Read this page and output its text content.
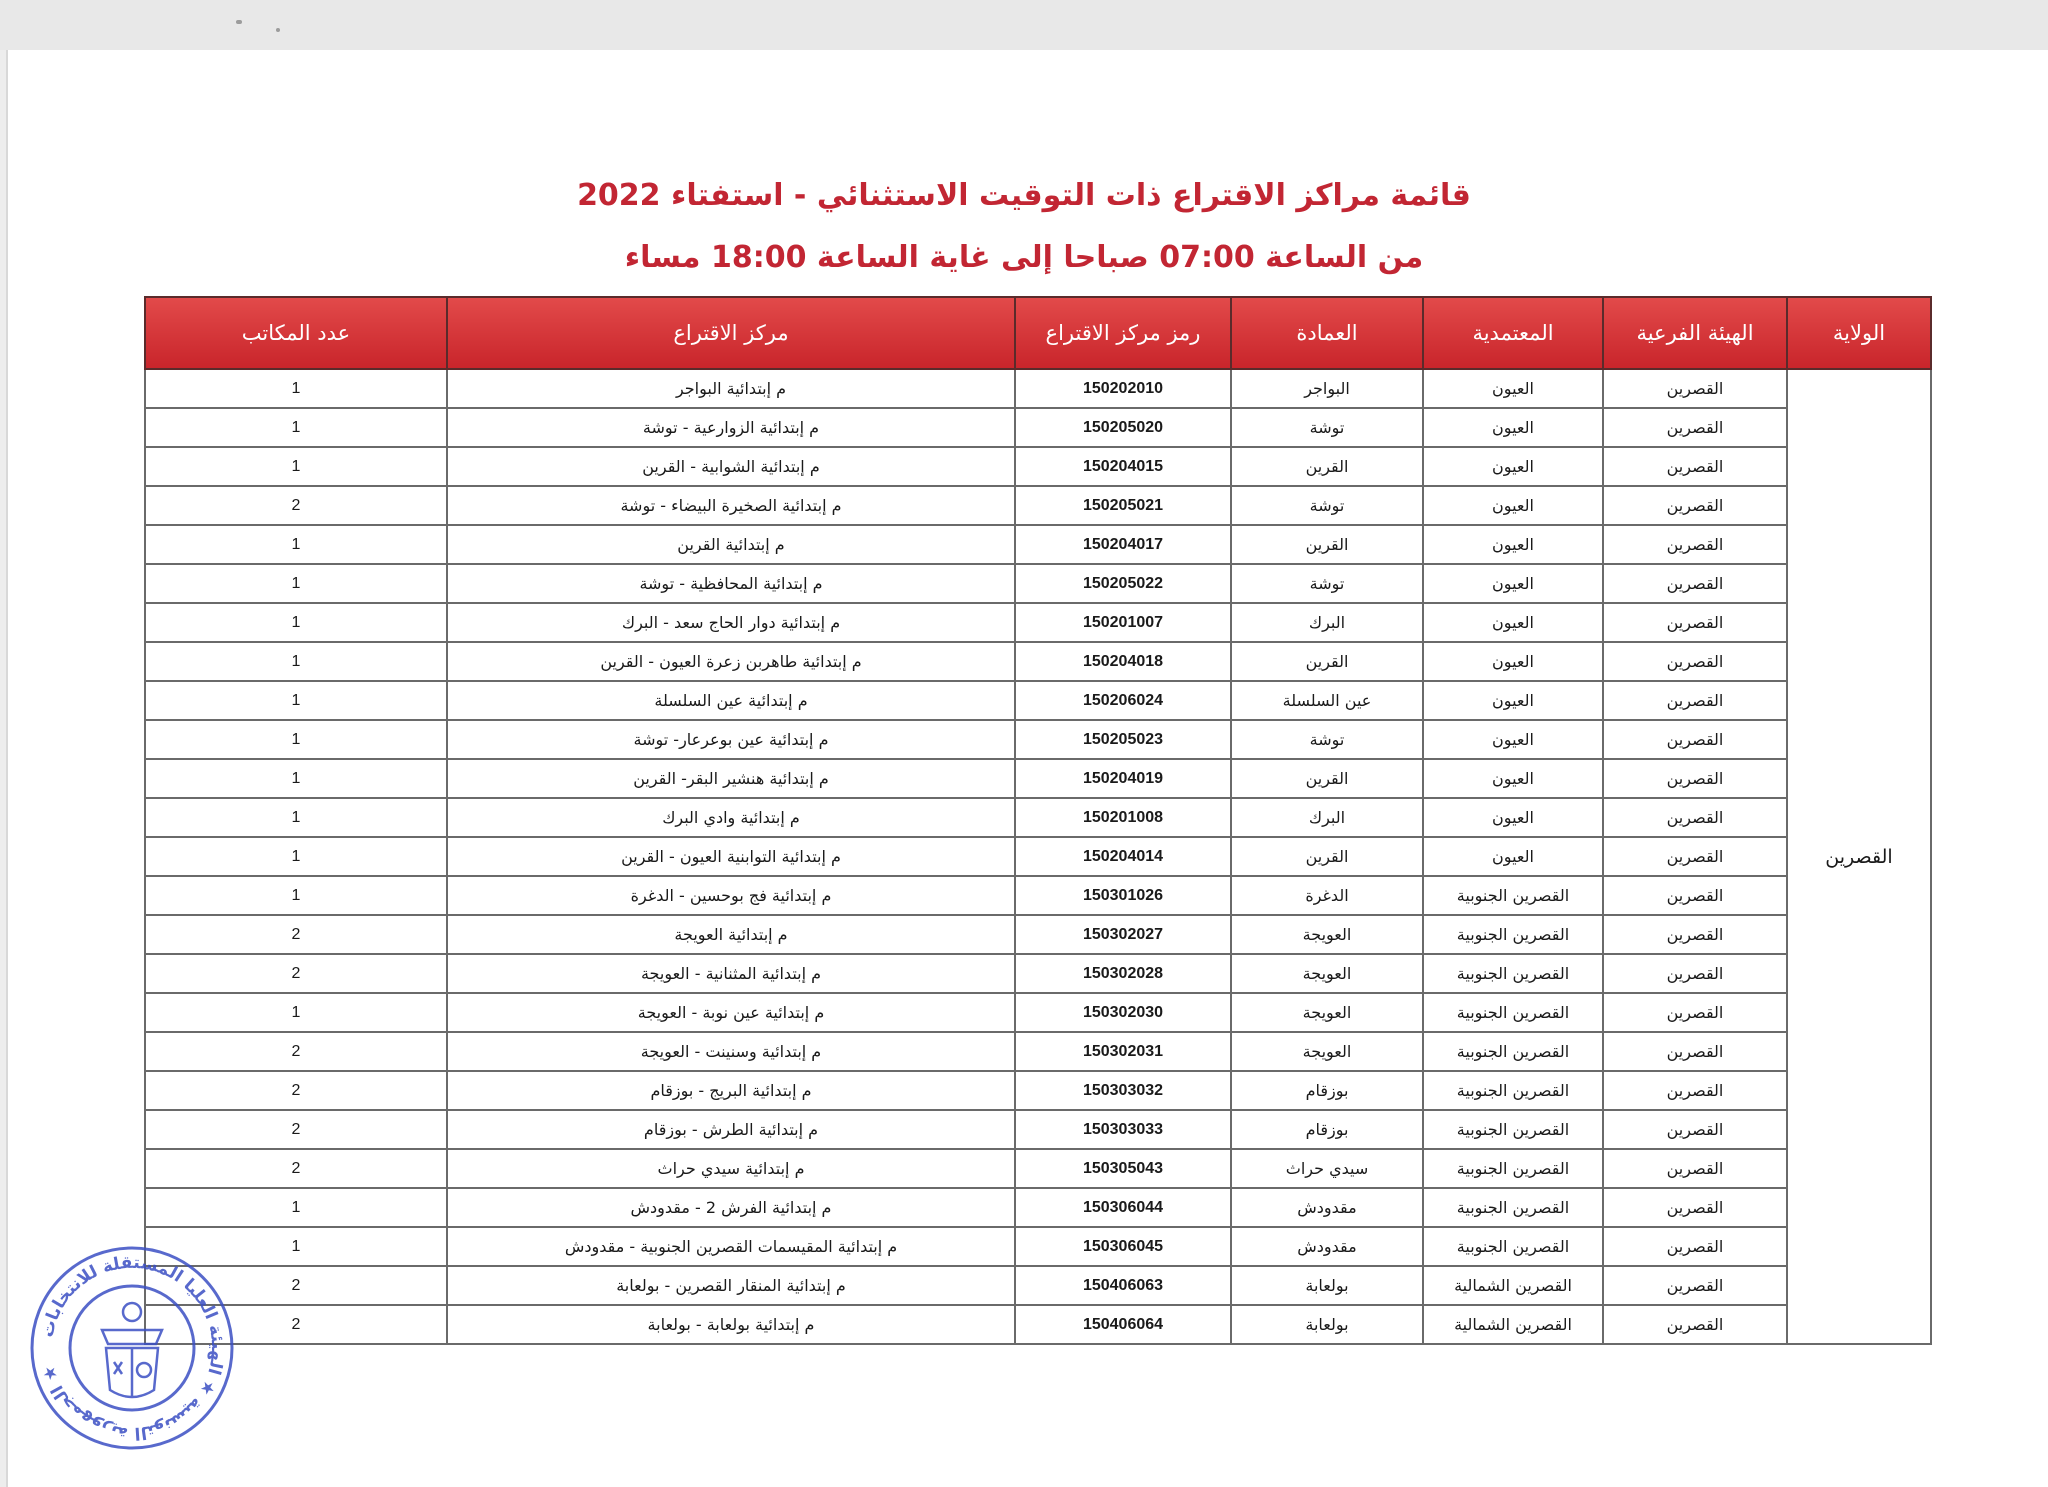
قائمة مراكز الاقتراع ذات التوقيت الاستثنائي - استفتاء 2022
من الساعة 07:00 صباحا إلى غاية الساعة 18:00 مساء
الولاية	الهيئة الفرعية	المعتمدية	العمادة	رمز مركز الاقتراع	مركز الاقتراع	عدد المكاتب
القصرين	القصرين	العيون	البواجر	150202010	م إبتدائية البواجر	1
	القصرين	العيون	توشة	150205020	م إبتدائية الزوارعية - توشة	1
	القصرين	العيون	القرين	150204015	م إبتدائية الشوابية - القرين	1
	القصرين	العيون	توشة	150205021	م إبتدائية الصخيرة البيضاء - توشة	2
	القصرين	العيون	القرين	150204017	م إبتدائية القرين	1
	القصرين	العيون	توشة	150205022	م إبتدائية المحافظية - توشة	1
	القصرين	العيون	البرك	150201007	م إبتدائية دوار الحاج سعد - البرك	1
	القصرين	العيون	القرين	150204018	م إبتدائية طاهربن زعرة العيون - القرين	1
	القصرين	العيون	عين السلسلة	150206024	م إبتدائية عين السلسلة	1
	القصرين	العيون	توشة	150205023	م إبتدائية عين بوعرعار- توشة	1
	القصرين	العيون	القرين	150204019	م إبتدائية هنشير البقر- القرين	1
	القصرين	العيون	البرك	150201008	م إبتدائية وادي البرك	1
	القصرين	العيون	القرين	150204014	م إبتدائية التوابنية العيون - القرين	1
	القصرين	القصرين الجنوبية	الدغرة	150301026	م إبتدائية فج بوحسين - الدغرة	1
	القصرين	القصرين الجنوبية	العويجة	150302027	م إبتدائية العويجة	2
	القصرين	القصرين الجنوبية	العويجة	150302028	م إبتدائية المثنانية - العويجة	2
	القصرين	القصرين الجنوبية	العويجة	150302030	م إبتدائية عين نوبة - العويجة	1
	القصرين	القصرين الجنوبية	العويجة	150302031	م إبتدائية وسنينت - العويجة	2
	القصرين	القصرين الجنوبية	بوزقام	150303032	م إبتدائية البريج - بوزقام	2
	القصرين	القصرين الجنوبية	بوزقام	150303033	م إبتدائية الطرش - بوزقام	2
	القصرين	القصرين الجنوبية	سيدي حراث	150305043	م إبتدائية سيدي حراث	2
	القصرين	القصرين الجنوبية	مقدودش	150306044	م إبتدائية الفرش 2 - مقدودش	1
	القصرين	القصرين الجنوبية	مقدودش	150306045	م إبتدائية المقيسمات القصرين الجنوبية - مقدودش	1
	القصرين	القصرين الشمالية	بولعابة	150406063	م إبتدائية المنقار القصرين - بولعابة	2
	القصرين	القصرين الشمالية	بولعابة	150406064	م إبتدائية بولعابة - بولعابة	2
الجمهورية التونسية ★ الهيئة العليا المستقلة للانتخابات ★
